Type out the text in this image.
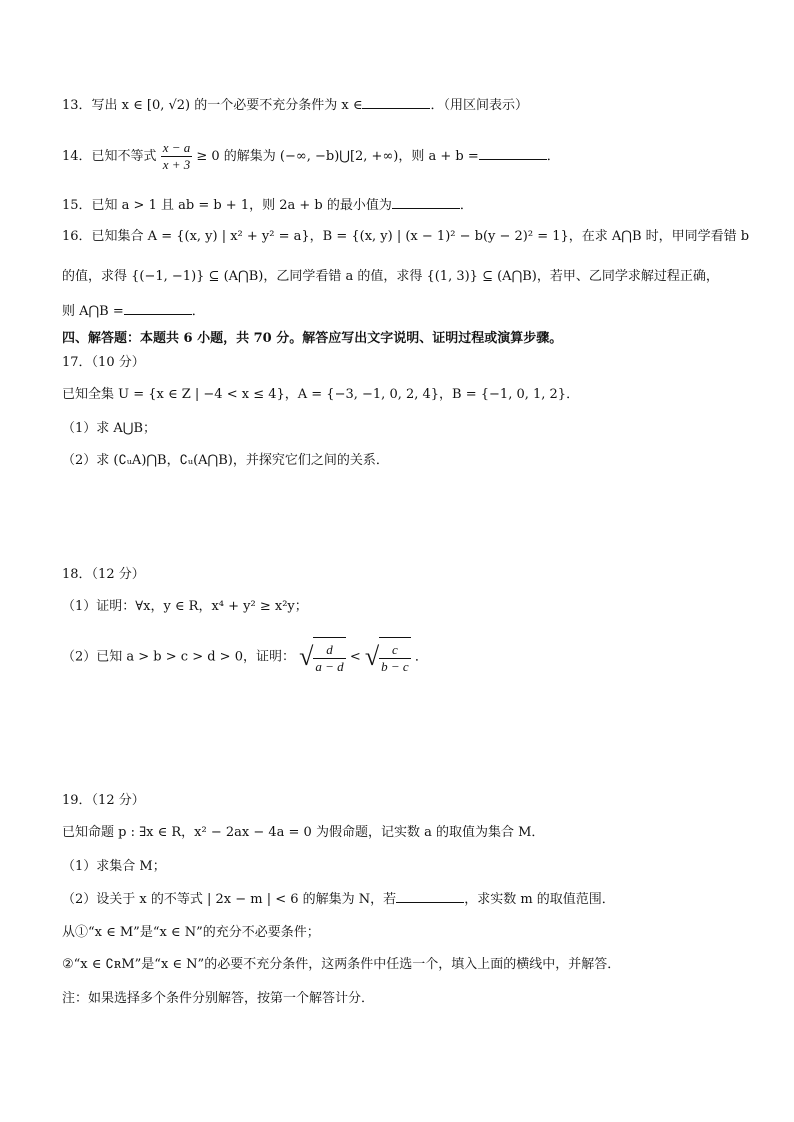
13．写出 x ∈ [0, √2) 的一个必要不充分条件为 x ∈	．（用区间表示）
14．已知不等式 $\frac{x - a}{x + 3} \ge 0$ 的解集为 (−∞, −b)⋃[2, +∞)，则 a + b =	．
15．已知 a > 1 且 ab = b + 1，则 2a + b 的最小值为	．
16．已知集合 A = {(x, y) | x² + y² = a}，B = {(x, y) | (x − 1)² − b(y − 2)² = 1}，在求 A⋂B 时，甲同学看错 b
的值，求得 {(−1, −1)} ⊆ (A⋂B)，乙同学看错 a 的值，求得 {(1, 3)} ⊆ (A⋂B)，若甲、乙同学求解过程正确，
则 A⋂B =	．
四、解答题：本题共 6 小题，共 70 分。解答应写出文字说明、证明过程或演算步骤。
17．（10 分）
已知全集 U = {x ∈ Z | −4 < x ≤ 4}，A = {−3, −1, 0, 2, 4}，B = {−1, 0, 1, 2}．
（1）求 A⋃B；
（2）求 (∁ᵤA)⋂B，∁ᵤ(A⋂B)，并探究它们之间的关系．
18．（12 分）
（1）证明：∀x，y ∈ R，x⁴ + y² ≥ x²y；
（2）已知 a > b > c > d > 0，证明： √ $\frac{d}{a - d}$ < √ $\frac{c}{b - c}$ ．
19．（12 分）
已知命题 p : ∃x ∈ R，x² − 2ax − 4a = 0 为假命题，记实数 a 的取值为集合 M．
（1）求集合 M；
（2）设关于 x 的不等式 | 2x − m | < 6 的解集为 N，若	，求实数 m 的取值范围．
从①“x ∈ M”是“x ∈ N”的充分不必要条件；
②“x ∈ ∁ʀM”是“x ∈ N”的必要不充分条件，这两条件中任选一个，填入上面的横线中，并解答．
注：如果选择多个条件分别解答，按第一个解答计分．
